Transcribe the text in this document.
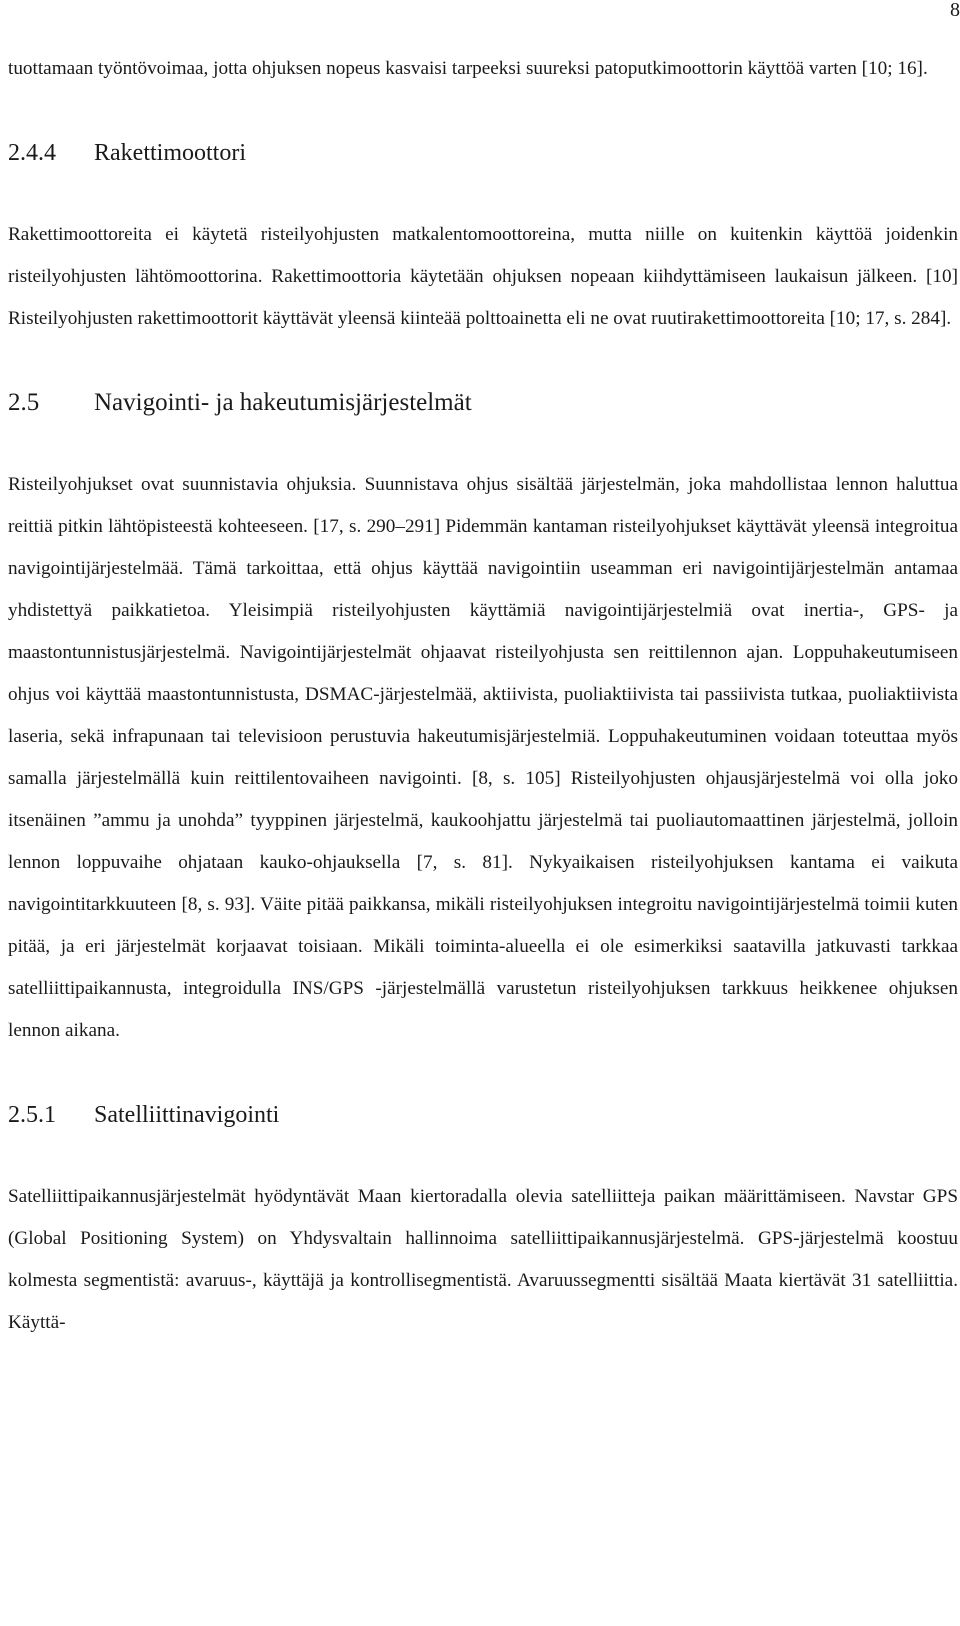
8

tuottamaan työntövoimaa, jotta ohjuksen nopeus kasvaisi tarpeeksi suureksi patoputkimoottorin käyttöä varten [10; 16].

2.4.4 Rakettimoottori

Rakettimoottoreita ei käytetä risteilyohjusten matkalentomoottoreina, mutta niille on kuitenkin käyttöä joidenkin risteilyohjusten lähtömoottorina. Rakettimoottoria käytetään ohjuksen nopeaan kiihdyttämiseen laukaisun jälkeen. [10] Risteilyohjusten rakettimoottorit käyttävät yleensä kiinteää polttoainetta eli ne ovat ruutirakettimoottoreita [10; 17, s. 284].

2.5 Navigointi- ja hakeutumisjärjestelmät

Risteilyohjukset ovat suunnistavia ohjuksia. Suunnistava ohjus sisältää järjestelmän, joka mahdollistaa lennon haluttua reittiä pitkin lähtöpisteestä kohteeseen. [17, s. 290–291] Pidemmän kantaman risteilyohjukset käyttävät yleensä integroitua navigointijärjestelmää. Tämä tarkoittaa, että ohjus käyttää navigointiin useamman eri navigointijärjestelmän antamaa yhdistettyä paikkatietoa. Yleisimpiä risteilyohjusten käyttämiä navigointijärjestelmiä ovat inertia-, GPS- ja maastontunnistusjärjestelmä. Navigointijärjestelmät ohjaavat risteilyohjusta sen reittilennon ajan. Loppuhakeutumiseen ohjus voi käyttää maastontunnistusta, DSMAC-järjestelmää, aktiivista, puoliaktiivista tai passiivista tutkaa, puoliaktiivista laseria, sekä infrapunaan tai televisioon perustuvia hakeutumisjärjestelmiä. Loppuhakeutuminen voidaan toteuttaa myös samalla järjestelmällä kuin reittilentovaiheen navigointi. [8, s. 105] Risteilyohjusten ohjausjärjestelmä voi olla joko itsenäinen ”ammu ja unohda” tyyppinen järjestelmä, kaukoohjattu järjestelmä tai puoliautomaattinen järjestelmä, jolloin lennon loppuvaihe ohjataan kauko-ohjauksella [7, s. 81]. Nykyaikaisen risteilyohjuksen kantama ei vaikuta navigointitarkkuuteen [8, s. 93]. Väite pitää paikkansa, mikäli risteilyohjuksen integroitu navigointijärjestelmä toimii kuten pitää, ja eri järjestelmät korjaavat toisiaan. Mikäli toiminta-alueella ei ole esimerkiksi saatavilla jatkuvasti tarkkaa satelliittipaikannusta, integroidulla INS/GPS -järjestelmällä varustetun risteilyohjuksen tarkkuus heikkenee ohjuksen lennon aikana.

2.5.1 Satelliittinavigointi

Satelliittipaikannusjärjestelmät hyödyntävät Maan kiertoradalla olevia satelliitteja paikan määrittämiseen. Navstar GPS (Global Positioning System) on Yhdysvaltain hallinnoima satelliittipaikannusjärjestelmä. GPS-järjestelmä koostuu kolmesta segmentistä: avaruus-, käyttäjä ja kontrollisegmentistä. Avaruussegmentti sisältää Maata kiertävät 31 satelliittia. Käyttä-
